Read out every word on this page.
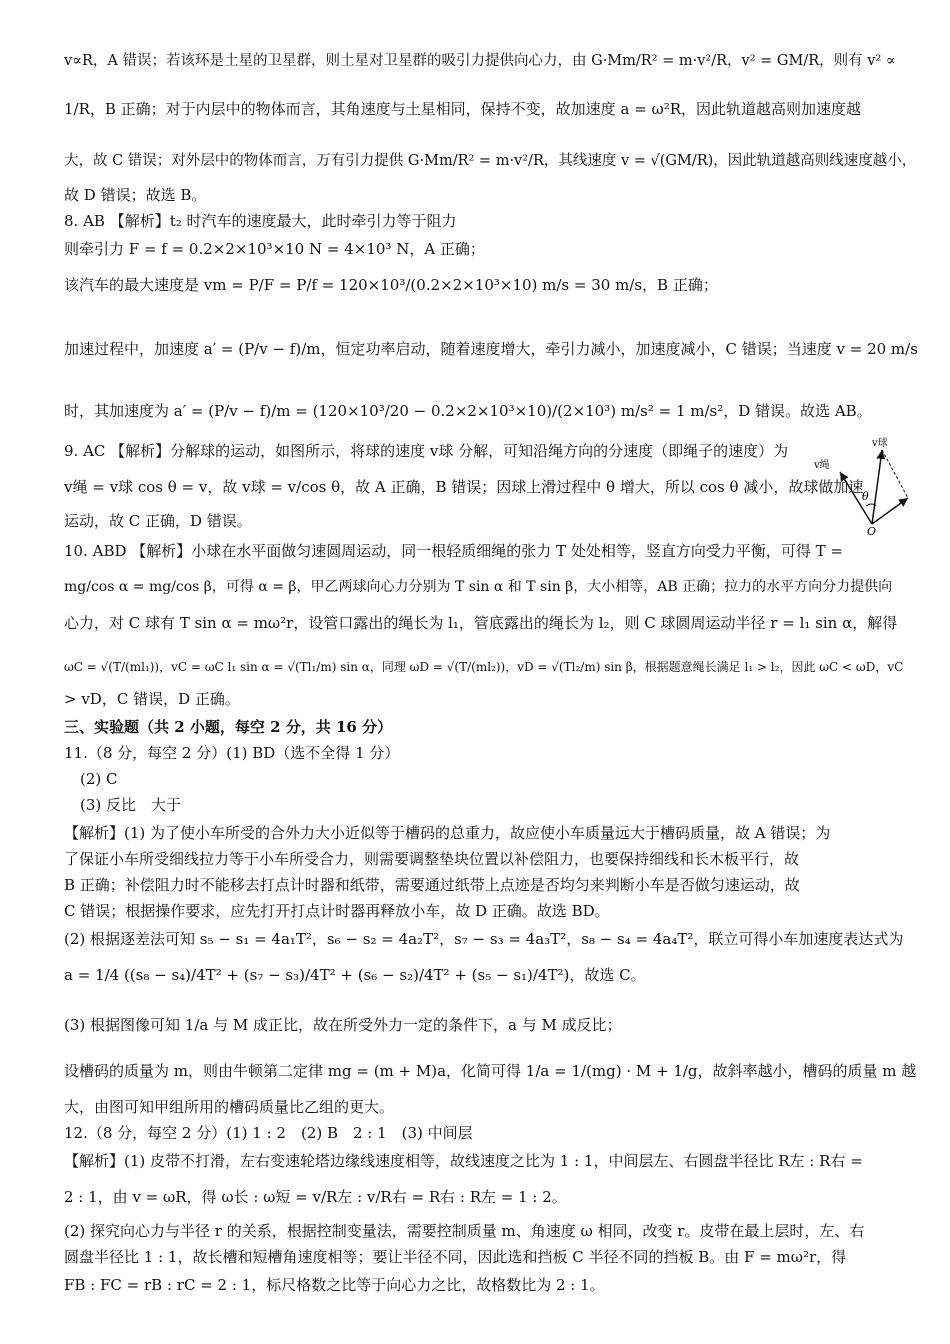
v∝R，A 错误；若该环是土星的卫星群，则土星对卫星群的吸引力提供向心力，由 G·Mm/R² = m·v²/R，v² = GM/R，则有 v² ∝
1/R，B 正确；对于内层中的物体而言，其角速度与土星相同，保持不变，故加速度 a = ω²R，因此轨道越高则加速度越
大，故 C 错误；对外层中的物体而言，万有引力提供 G·Mm/R² = m·v²/R，其线速度 v = √(GM/R)，因此轨道越高则线速度越小，
故 D 错误；故选 B。
8. AB 【解析】t₂ 时汽车的速度最大，此时牵引力等于阻力
则牵引力 F = f = 0.2×2×10³×10 N = 4×10³ N，A 正确；
该汽车的最大速度是 vm = P/F = P/f = 120×10³/(0.2×2×10³×10) m/s = 30 m/s，B 正确；
加速过程中，加速度 a′ = (P/v − f)/m，恒定功率启动，随着速度增大，牵引力减小，加速度减小，C 错误；当速度 v = 20 m/s
时，其加速度为 a′ = (P/v − f)/m = (120×10³/20 − 0.2×2×10³×10)/(2×10³) m/s² = 1 m/s²，D 错误。故选 AB。
9. AC 【解析】分解球的运动，如图所示，将球的速度 v球 分解，可知沿绳方向的分速度（即绳子的速度）为
v绳 = v球 cos θ = v，故 v球 = v/cos θ，故 A 正确，B 错误；因球上滑过程中 θ 增大，所以 cos θ 减小，故球做加速
运动，故 C 正确，D 错误。
v球
v绳
θ
O
10. ABD 【解析】小球在水平面做匀速圆周运动，同一根轻质细绳的张力 T 处处相等，竖直方向受力平衡，可得 T =
mg/cos α = mg/cos β，可得 α = β，甲乙两球向心力分别为 T sin α 和 T sin β，大小相等，AB 正确；拉力的水平方向分力提供向
心力，对 C 球有 T sin α = mω²r，设管口露出的绳长为 l₁，管底露出的绳长为 l₂，则 C 球圆周运动半径 r = l₁ sin α，解得
ωC = √(T/(ml₁))，vC = ωC l₁ sin α = √(Tl₁/m) sin α，同理 ωD = √(T/(ml₂))，vD = √(Tl₂/m) sin β，根据题意绳长满足 l₁ > l₂，因此 ωC < ωD，vC
> vD，C 错误，D 正确。
三、实验题（共 2 小题，每空 2 分，共 16 分）
11.（8 分，每空 2 分）(1) BD（选不全得 1 分）
(2) C
(3) 反比　大于
【解析】(1) 为了使小车所受的合外力大小近似等于槽码的总重力，故应使小车质量远大于槽码质量，故 A 错误；为
了保证小车所受细线拉力等于小车所受合力，则需要调整垫块位置以补偿阻力，也要保持细线和长木板平行，故
B 正确；补偿阻力时不能移去打点计时器和纸带，需要通过纸带上点迹是否均匀来判断小车是否做匀速运动，故
C 错误；根据操作要求，应先打开打点计时器再释放小车，故 D 正确。故选 BD。
(2) 根据逐差法可知 s₅ − s₁ = 4a₁T²，s₆ − s₂ = 4a₂T²，s₇ − s₃ = 4a₃T²，s₈ − s₄ = 4a₄T²，联立可得小车加速度表达式为
a = 1/4 ((s₈ − s₄)/4T² + (s₇ − s₃)/4T² + (s₆ − s₂)/4T² + (s₅ − s₁)/4T²)，故选 C。
(3) 根据图像可知 1/a 与 M 成正比，故在所受外力一定的条件下，a 与 M 成反比；
设槽码的质量为 m，则由牛顿第二定律 mg = (m + M)a，化简可得 1/a = 1/(mg) · M + 1/g，故斜率越小，槽码的质量 m 越
大，由图可知甲组所用的槽码质量比乙组的更大。
12.（8 分，每空 2 分）(1) 1 : 2　(2) B　2 : 1　(3) 中间层
【解析】(1) 皮带不打滑，左右变速轮塔边缘线速度相等，故线速度之比为 1 : 1，中间层左、右圆盘半径比 R左 : R右 =
2 : 1，由 v = ωR，得 ω长 : ω短 = v/R左 : v/R右 = R右 : R左 = 1 : 2。
(2) 探究向心力与半径 r 的关系，根据控制变量法，需要控制质量 m、角速度 ω 相同，改变 r。皮带在最上层时，左、右
圆盘半径比 1 : 1，故长槽和短槽角速度相等；要让半径不同，因此选和挡板 C 半径不同的挡板 B。由 F = mω²r，得
FB : FC = rB : rC = 2 : 1，标尺格数之比等于向心力之比，故格数比为 2 : 1。
